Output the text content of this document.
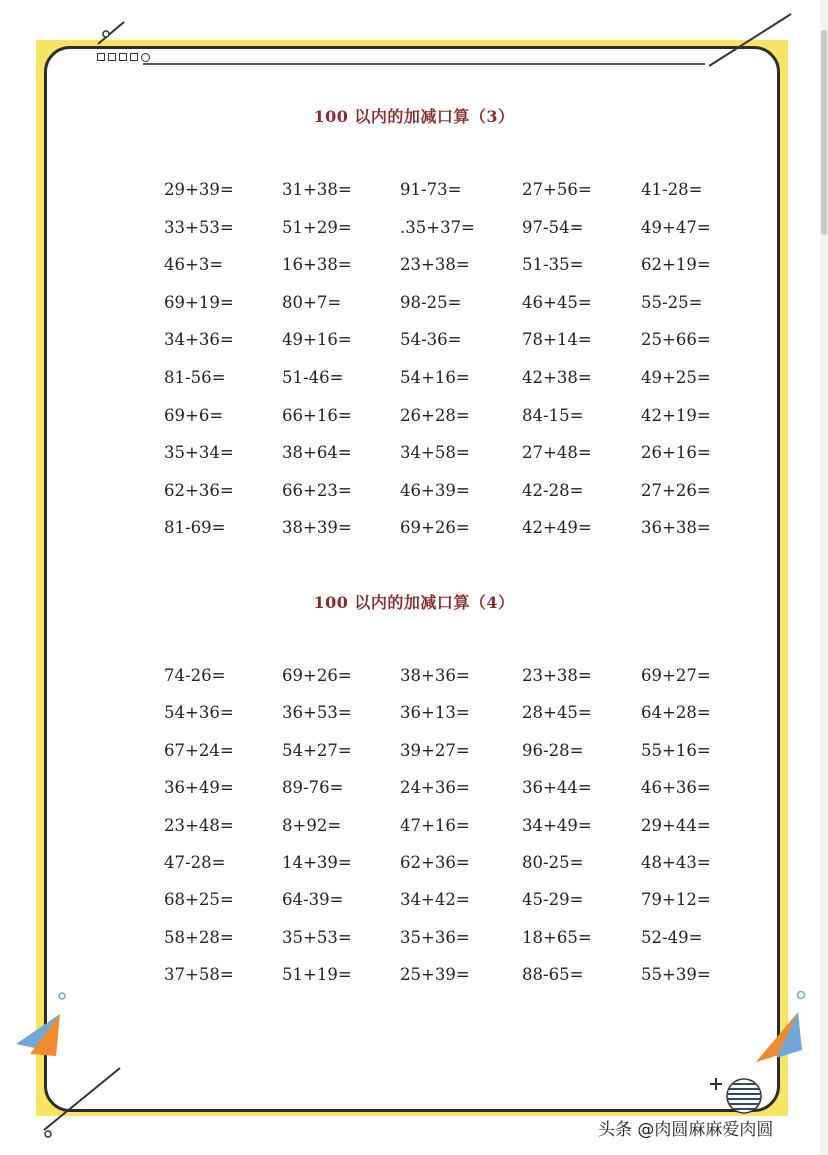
100 以内的加减口算（3）
100 以内的加减口算（4）
29+39=	31+38=	91-73=	27+56=	41-28=
33+53=	51+29=	.35+37=	97-54=	49+47=
46+3=	16+38=	23+38=	51-35=	62+19=
69+19=	80+7=	98-25=	46+45=	55-25=
34+36=	49+16=	54-36=	78+14=	25+66=
81-56=	51-46=	54+16=	42+38=	49+25=
69+6=	66+16=	26+28=	84-15=	42+19=
35+34=	38+64=	34+58=	27+48=	26+16=
62+36=	66+23=	46+39=	42-28=	27+26=
81-69=	38+39=	69+26=	42+49=	36+38=
74-26=	69+26=	38+36=	23+38=	69+27=
54+36=	36+53=	36+13=	28+45=	64+28=
67+24=	54+27=	39+27=	96-28=	55+16=
36+49=	89-76=	24+36=	36+44=	46+36=
23+48=	8+92=	47+16=	34+49=	29+44=
47-28=	14+39=	62+36=	80-25=	48+43=
68+25=	64-39=	34+42=	45-29=	79+12=
58+28=	35+53=	35+36=	18+65=	52-49=
37+58=	51+19=	25+39=	88-65=	55+39=
头条 @肉圆麻麻爱肉圆
